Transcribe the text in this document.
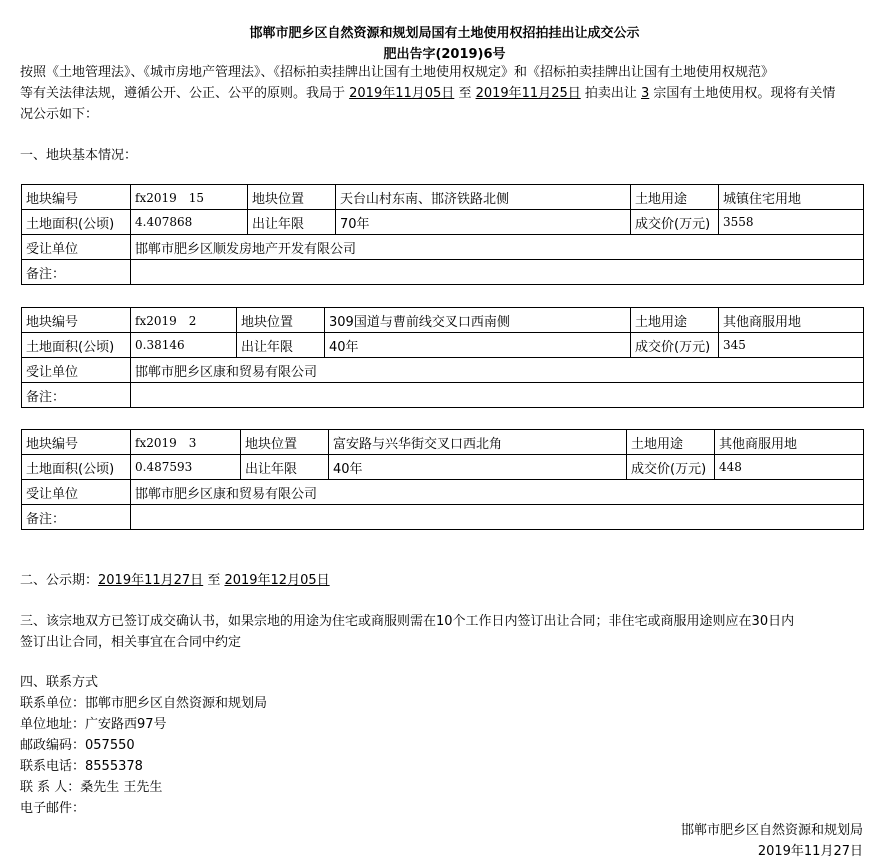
邯郸市肥乡区自然资源和规划局国有土地使用权招拍挂出让成交公示
肥出告字(2019)6号
按照《土地管理法》、《城市房地产管理法》、《招标拍卖挂牌出让国有土地使用权规定》和《招标拍卖挂牌出让国有土地使用权规范》
等有关法律法规，遵循公开、公正、公平的原则。我局于 2019年11月05日 至 2019年11月25日 拍卖出让 3 宗国有土地使用权。现将有关情
况公示如下：
一、地块基本情况：
地块编号	fx2019　15	地块位置	天台山村东南、邯济铁路北侧	土地用途	城镇住宅用地
土地面积(公顷)	4.407868	出让年限	70年	成交价(万元)	3558
受让单位	邯郸市肥乡区顺发房地产开发有限公司				
备注：					
地块编号	fx2019　2	地块位置	309国道与曹前线交叉口西南侧	土地用途	其他商服用地
土地面积(公顷)	0.38146	出让年限	40年	成交价(万元)	345
受让单位	邯郸市肥乡区康和贸易有限公司				
备注：					
地块编号	fx2019　3	地块位置	富安路与兴华街交叉口西北角	土地用途	其他商服用地
土地面积(公顷)	0.487593	出让年限	40年	成交价(万元)	448
受让单位	邯郸市肥乡区康和贸易有限公司				
备注：					
二、公示期：2019年11月27日 至 2019年12月05日
三、该宗地双方已签订成交确认书，如果宗地的用途为住宅或商服则需在10个工作日内签订出让合同；非住宅或商服用途则应在30日内
签订出让合同，相关事宜在合同中约定
四、联系方式
联系单位：邯郸市肥乡区自然资源和规划局
单位地址：广安路西97号
邮政编码：057550
联系电话：8555378
联 系 人：桑先生 王先生
电子邮件：
邯郸市肥乡区自然资源和规划局
2019年11月27日
